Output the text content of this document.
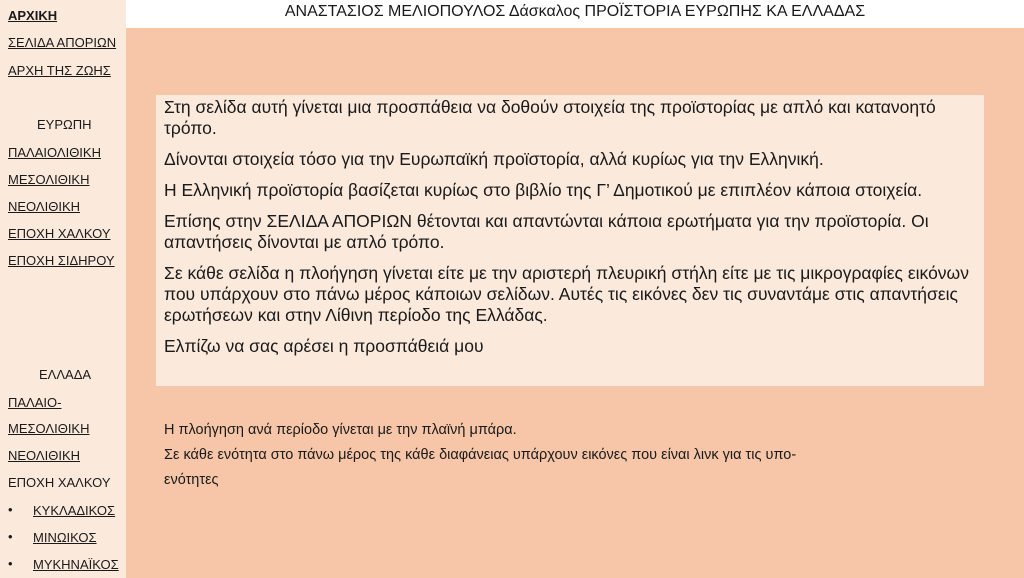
ΑΡΧΙΚΗ
ΣΕΛΙΔΑ ΑΠΟΡΙΩΝ
ΑΡΧΗ ΤΗΣ ΖΩΗΣ
ΕΥΡΩΠΗ
ΠΑΛΑΙΟΛΙΘΙΚΗ
ΜΕΣΟΛΙΘΙΚΗ
ΝΕΟΛΙΘΙΚΗ
ΕΠΟΧΗ ΧΑΛΚΟΥ
ΕΠΟΧΗ ΣΙΔΗΡΟΥ
ΕΛΛΑΔΑ
ΠΑΛΑΙΟ-
ΜΕΣΟΛΙΘΙΚΗ
ΝΕΟΛΙΘΙΚΗ
ΕΠΟΧΗ ΧΑΛΚΟΥ
• ΚΥΚΛΑΔΙΚΟΣ
• ΜΙΝΩΙΚΟΣ
• ΜΥΚΗΝΑΪΚΟΣ
ΑΝΑΣΤΑΣΙΟΣ ΜΕΛΙΟΠΟΥΛΟΣ Δάσκαλος ΠΡΟΪΣΤΟΡΙΑ ΕΥΡΩΠΗΣ ΚΑ ΕΛΛΑΔΑΣ

Στη σελίδα αυτή γίνεται μια προσπάθεια να δοθούν στοιχεία της προϊστορίας με απλό και κατανοητό τρόπο.

Δίνονται στοιχεία τόσο για την Ευρωπαϊκή προϊστορία, αλλά κυρίως για την Ελληνική.

Η Ελληνική προϊστορία βασίζεται κυρίως στο βιβλίο της Γ’ Δημοτικού με επιπλέον κάποια στοιχεία.

Επίσης στην ΣΕΛΙΔΑ ΑΠΟΡΙΩΝ θέτονται και απαντώνται κάποια ερωτήματα για την προϊστορία. Οι απαντήσεις δίνονται με απλό τρόπο.

Σε κάθε σελίδα η πλοήγηση γίνεται είτε με την αριστερή πλευρική στήλη είτε με τις μικρογραφίες εικόνων που υπάρχουν στο πάνω μέρος κάποιων σελίδων. Αυτές τις εικόνες δεν τις συναντάμε στις απαντήσεις ερωτήσεων και στην Λίθινη περίοδο της Ελλάδας.

Ελπίζω να σας αρέσει η προσπάθειά μου

Η πλοήγηση ανά περίοδο γίνεται με την πλαϊνή μπάρα.
Σε κάθε ενότητα στο πάνω μέρος της κάθε διαφάνειας υπάρχουν εικόνες που είναι λινκ για τις υπο-
ενότητες
